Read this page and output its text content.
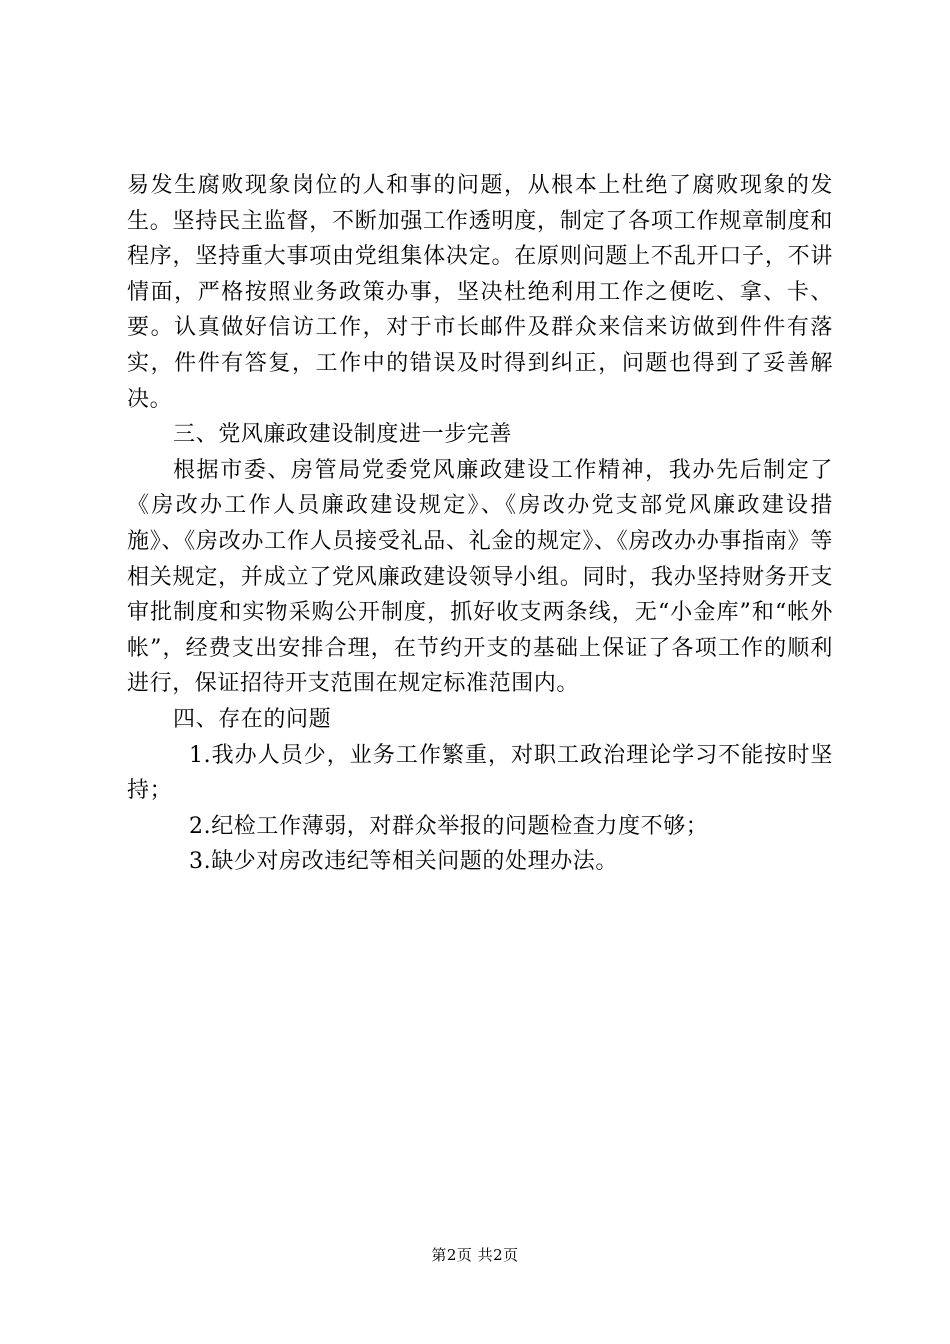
易发生腐败现象岗位的人和事的问题，从根本上杜绝了腐败现象的发生。坚持民主监督，不断加强工作透明度，制定了各项工作规章制度和程序，坚持重大事项由党组集体决定。在原则问题上不乱开口子，不讲情面，严格按照业务政策办事，坚决杜绝利用工作之便吃、拿、卡、要。认真做好信访工作，对于市长邮件及群众来信来访做到件件有落实，件件有答复，工作中的错误及时得到纠正，问题也得到了妥善解决。

三、党风廉政建设制度进一步完善

根据市委、房管局党委党风廉政建设工作精神，我办先后制定了《房改办工作人员廉政建设规定》、《房改办党支部党风廉政建设措施》、《房改办工作人员接受礼品、礼金的规定》、《房改办办事指南》等相关规定，并成立了党风廉政建设领导小组。同时，我办坚持财务开支审批制度和实物采购公开制度，抓好收支两条线，无“小金库”和“帐外帐”，经费支出安排合理，在节约开支的基础上保证了各项工作的顺利进行，保证招待开支范围在规定标准范围内。

四、存在的问题

1.我办人员少，业务工作繁重，对职工政治理论学习不能按时坚持；

2.纪检工作薄弱，对群众举报的问题检查力度不够；

3.缺少对房改违纪等相关问题的处理办法。

第2页 共2页
